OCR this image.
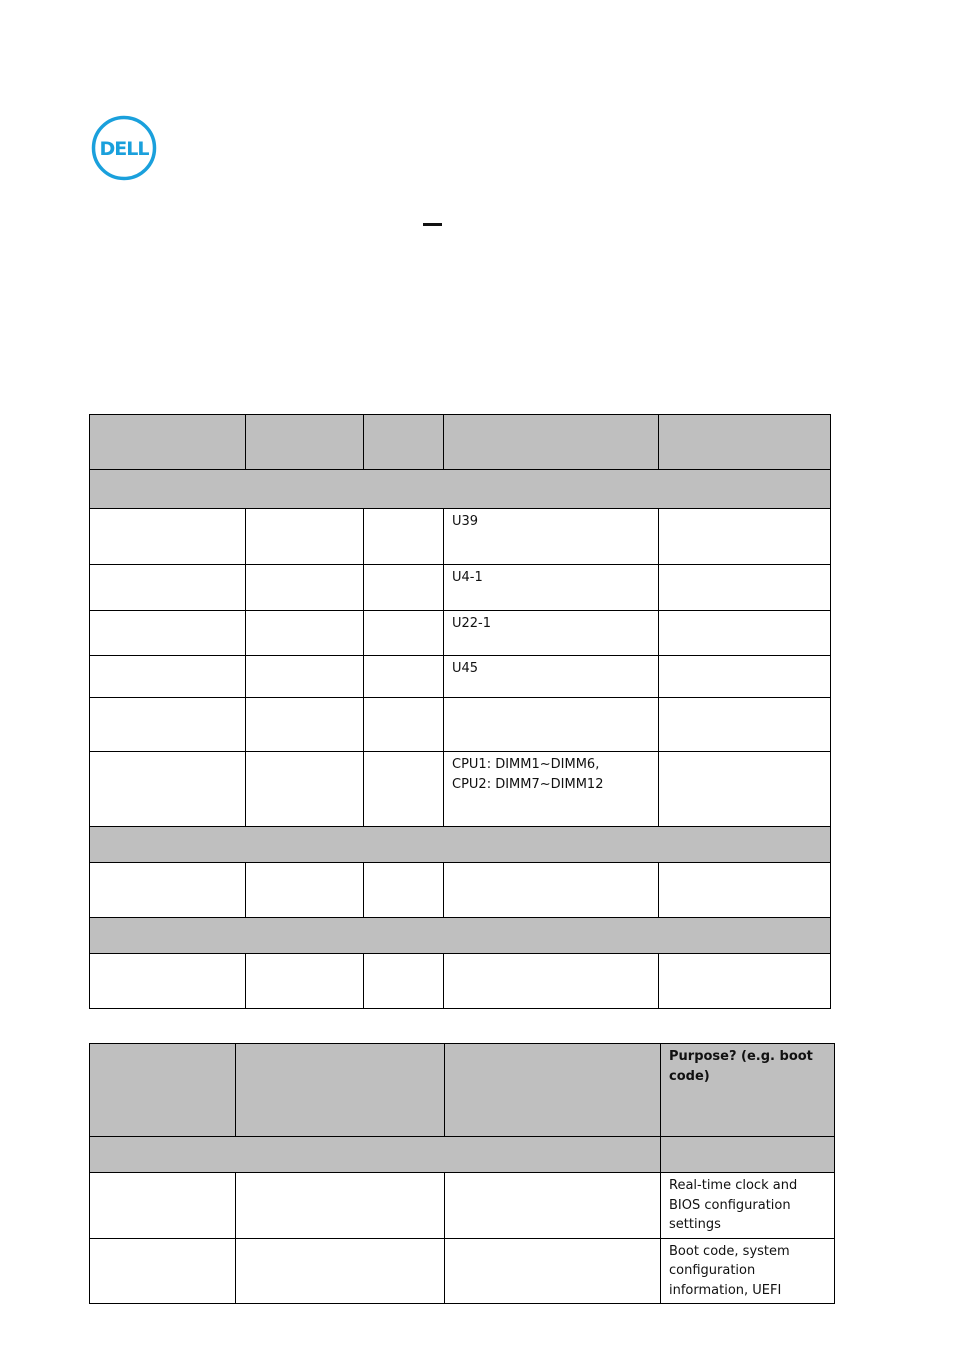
DELL

			U39	

			U4-1	

			U22-1	

			U45	

			CPU1: DIMM1~DIMM6,
CPU2: DIMM7~DIMM12	

			Purpose? (e.g. boot code)

			Real-time clock and BIOS configuration settings

			Boot code, system configuration information, UEFI
